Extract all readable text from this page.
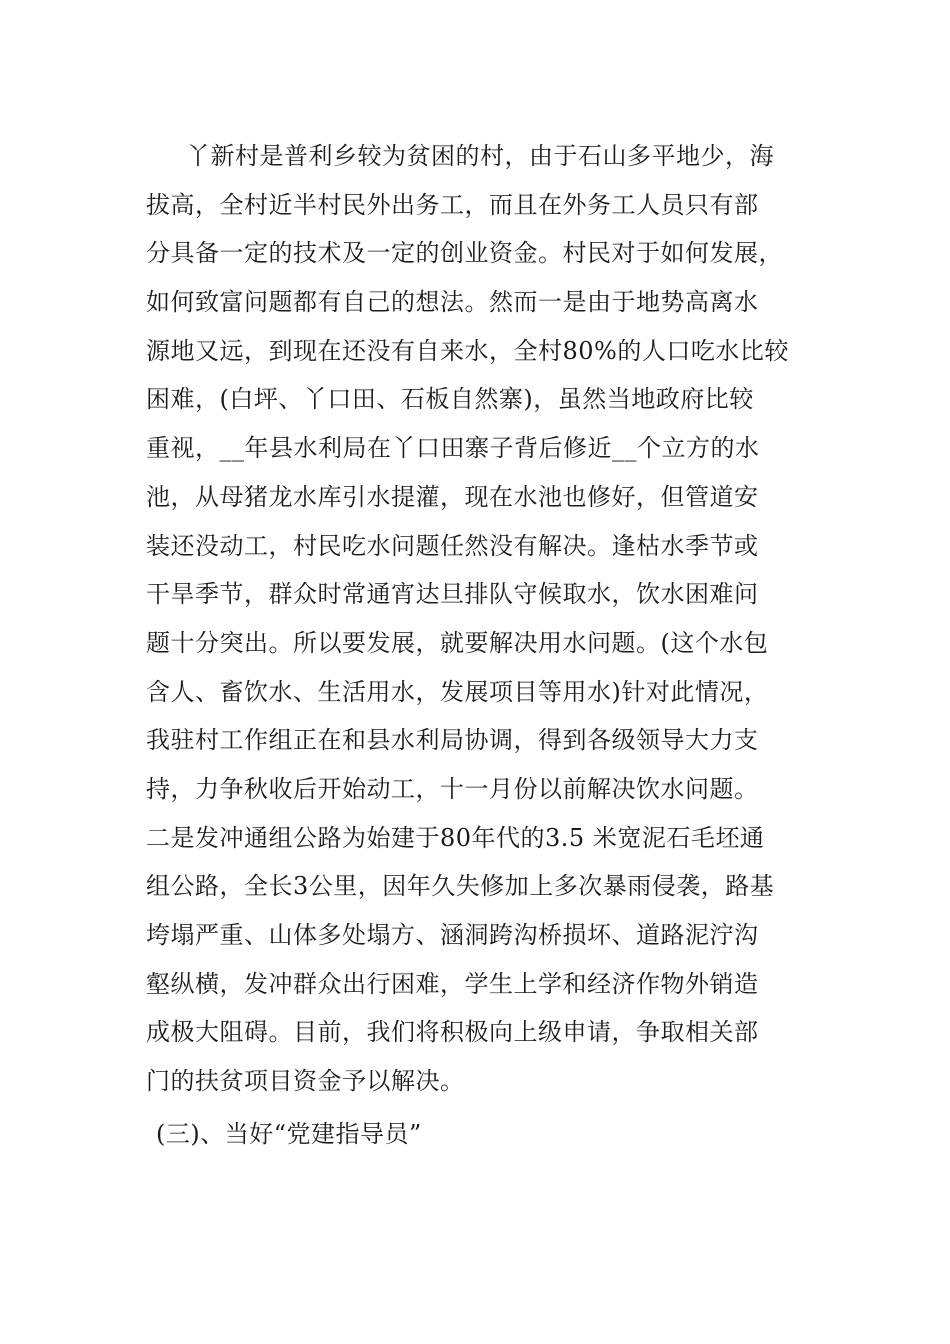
丫新村是普利乡较为贫困的村，由于石山多平地少，海
拔高，全村近半村民外出务工，而且在外务工人员只有部
分具备一定的技术及一定的创业资金。村民对于如何发展，
如何致富问题都有自己的想法。然而一是由于地势高离水
源地又远，到现在还没有自来水，全村80%的人口吃水比较
困难，(白坪、丫口田、石板自然寨)，虽然当地政府比较
重视，__年县水利局在丫口田寨子背后修近__个立方的水
池，从母猪龙水库引水提灌，现在水池也修好，但管道安
装还没动工，村民吃水问题任然没有解决。逢枯水季节或
干旱季节，群众时常通宵达旦排队守候取水，饮水困难问
题十分突出。所以要发展，就要解决用水问题。(这个水包
含人、畜饮水、生活用水，发展项目等用水)针对此情况，
我驻村工作组正在和县水利局协调，得到各级领导大力支
持，力争秋收后开始动工，十一月份以前解决饮水问题。
二是发冲通组公路为始建于80年代的3.5 米宽泥石毛坯通
组公路，全长3公里，因年久失修加上多次暴雨侵袭，路基
垮塌严重、山体多处塌方、涵洞跨沟桥损坏、道路泥泞沟
壑纵横，发冲群众出行困难，学生上学和经济作物外销造
成极大阻碍。目前，我们将积极向上级申请，争取相关部
门的扶贫项目资金予以解决。
(三)、当好“党建指导员”
